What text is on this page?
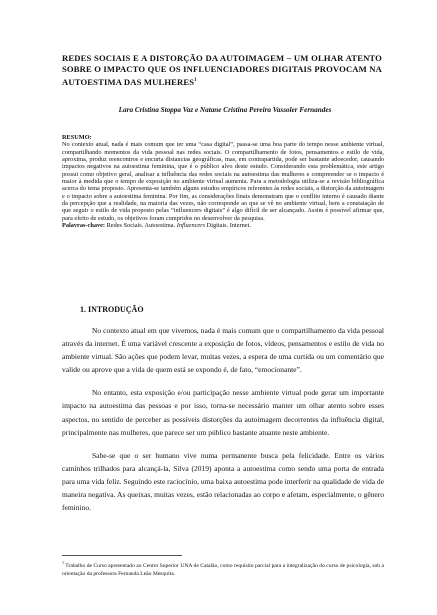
REDES SOCIAIS E A DISTORÇÃO DA AUTOIMAGEM – UM OLHAR ATENTO SOBRE O IMPACTO QUE OS INFLUENCIADORES DIGITAIS PROVOCAM NA AUTOESTIMA DAS MULHERES$^1$
Lara Cristina Stoppa Vaz e Natane Cristina Pereira Vassoler Fernandes
RESUMO:
No contexto atual, nada é mais comum que ter uma “casa digital”, passa-se uma boa parte do tempo nesse ambiente virtual, compartilhando momentos da vida pessoal nas redes sociais. O compartilhamento de fotos, pensamentos e estilo de vida, aproxima, produz reencontros e encurta distancias geográficas, mas, em contrapartida, pode ser bastante adoecedor, causando impactos negativos na autoestima feminina, que é o público alvo deste estudo. Considerando esta problemática, este artigo possui como objetivo geral, analisar a influência das redes sociais na autoestima das mulheres e compreender se o impacto é maior à medida que o tempo de exposição no ambiente virtual aumenta. Para a metodologia utiliza-se a revisão bibliográfica acerca do tema proposto. Apresenta-se também alguns estudos empíricos referentes às redes sociais, a distorção da autoimagem e o impacto sobre a autoestima feminina. Por fim, as considerações finais demonstram que o conflito interno é causado diante da percepção que a realidade, na maioria das vezes, não corresponde ao que se vê no ambiente virtual, bem a constatação de que seguir o estilo de vida proposto pelas “influencers digitais” é algo difícil de ser alcançado. Assim é possível afirmar que, para efeito de estudo, os objetivos foram cumpridos no desenvolver da pesquisa.
Palavras-chave: Redes Sociais. Autoestima. Influencers Digitais. Internet.
1. INTRODUÇÃO

No contexto atual em que vivemos, nada é mais comum que o compartilhamento da vida pessoal através da internet. É uma variável crescente a exposição de fotos, vídeos, pensamentos e estilo de vida no ambiente virtual. São ações que podem levar, muitas vezes, a espera de uma curtida ou um comentário que valide ou aprove que a vida de quem está se expondo é, de fato, “emocionante”.

No entanto, esta exposição e/ou participação nesse ambiente virtual pode gerar um importante impacto na autoestima das pessoas e por isso, torna-se necessário manter um olhar atento sobre esses aspectos, no sentido de perceber as possíveis distorções da autoimagem decorrentes da influência digital, principalmente nas mulheres, que parece ser um público bastante atuante neste ambiente.

Sabe-se que o ser humano vive numa permanente busca pela felicidade. Entre os vários caminhos trilhados para alcançá-la, Silva (2019) aponta a autoestima como sendo uma porta de entrada para uma vida feliz. Seguindo este raciocínio, uma baixa autoestima pode interferir na qualidade de vida de maneira negativa. As queixas, muitas vezes, estão relacionadas ao corpo e afetam, especialmente, o gênero feminino.

$^1$ Trabalho de Curso apresentado ao Centro Superior UNA de Catalão, como requisito parcial para a integralização do curso de psicologia, sob a orientação da professora Fernanda Leão Mesquita.
